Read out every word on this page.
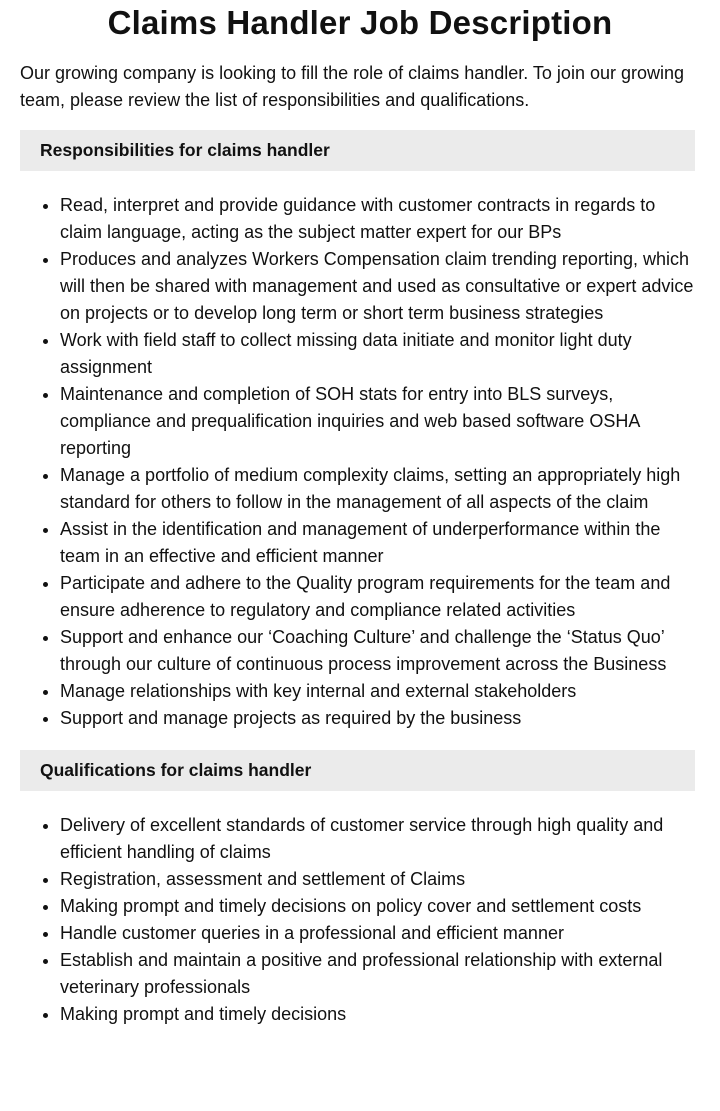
Claims Handler Job Description

Our growing company is looking to fill the role of claims handler. To join our growing team, please review the list of responsibilities and qualifications.

Responsibilities for claims handler
• Read, interpret and provide guidance with customer contracts in regards to claim language, acting as the subject matter expert for our BPs
• Produces and analyzes Workers Compensation claim trending reporting, which will then be shared with management and used as consultative or expert advice on projects or to develop long term or short term business strategies
• Work with field staff to collect missing data initiate and monitor light duty assignment
• Maintenance and completion of SOH stats for entry into BLS surveys, compliance and prequalification inquiries and web based software OSHA reporting
• Manage a portfolio of medium complexity claims, setting an appropriately high standard for others to follow in the management of all aspects of the claim
• Assist in the identification and management of underperformance within the team in an effective and efficient manner
• Participate and adhere to the Quality program requirements for the team and ensure adherence to regulatory and compliance related activities
• Support and enhance our ‘Coaching Culture’ and challenge the ‘Status Quo’ through our culture of continuous process improvement across the Business
• Manage relationships with key internal and external stakeholders
• Support and manage projects as required by the business
Qualifications for claims handler
• Delivery of excellent standards of customer service through high quality and efficient handling of claims
• Registration, assessment and settlement of Claims
• Making prompt and timely decisions on policy cover and settlement costs
• Handle customer queries in a professional and efficient manner
• Establish and maintain a positive and professional relationship with external veterinary professionals
• Making prompt and timely decisions
